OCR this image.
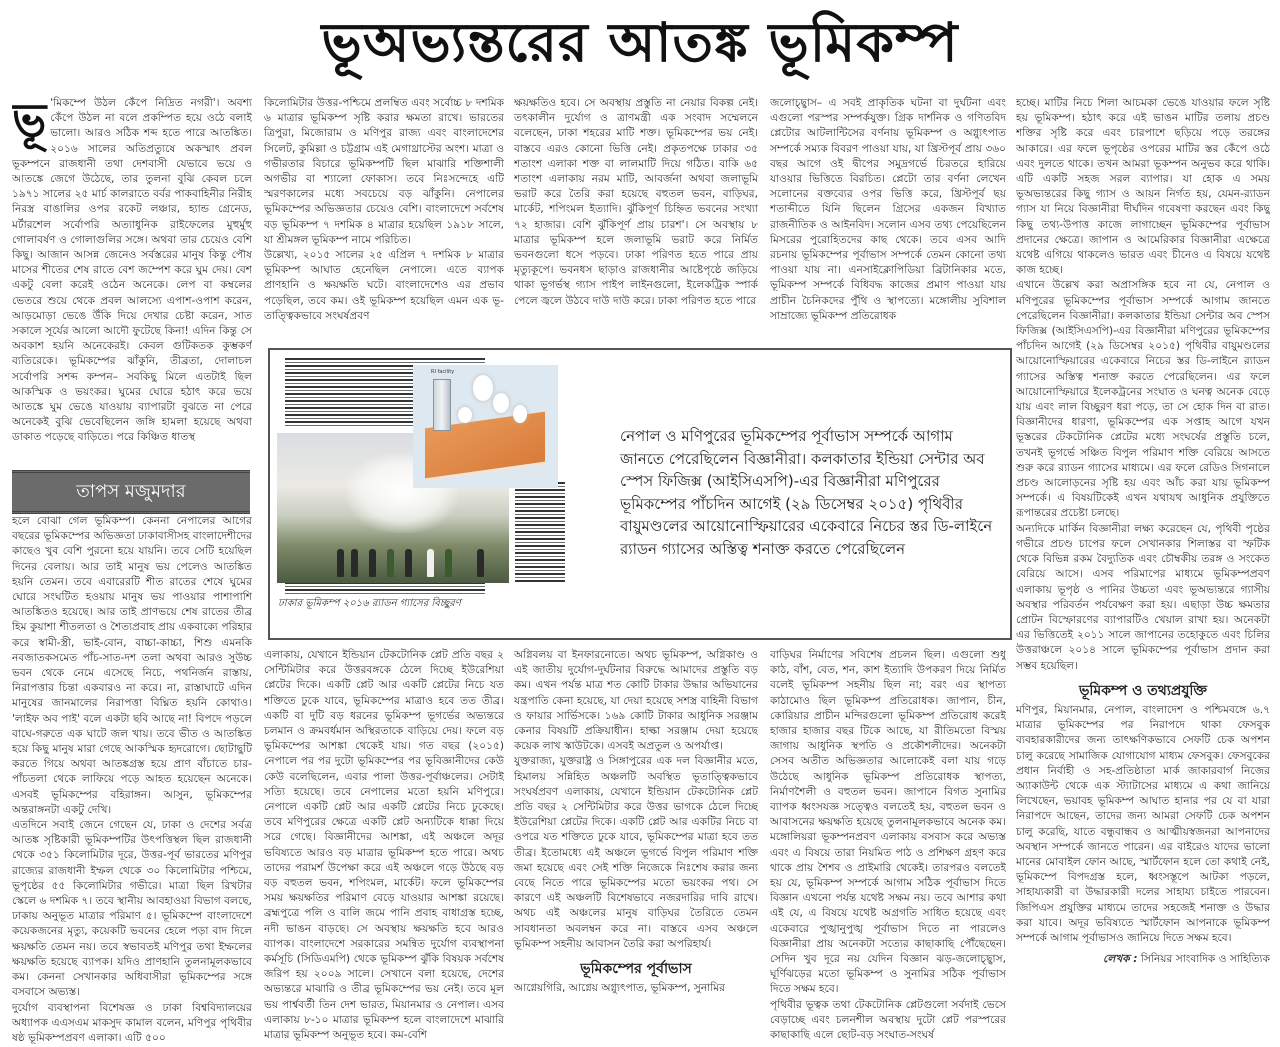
ভূঅভ্যন্তরের আতঙ্ক ভূমিকম্প

ভূ 'মিকম্পে উঠল কেঁপে নিদ্রিত নগরী'। অবশ্য কেঁপে উঠল না বলে প্রকম্পিত হয়ে ওঠে বলাই ভালো। আরও সঠিক শব্দ হতে পারে আতঙ্কিত। ২০১৬ সালের অতিপ্রত্যুষে অকস্মাৎ প্রবল ভূকম্পনে রাজধানী তথা দেশবাসী যেভাবে ভয়ে ও আতঙ্কে জেগে উঠেছে, তার তুলনা বুঝি কেবল চলে ১৯৭১ সালের ২৫ মার্চ কালরাতে বর্বর পাকবাহিনীর নিরীহ নিরস্ত্র বাঙালির ওপর রকেট লঞ্চার, হ্যান্ড গ্রেনেড, মর্টারশেল সর্বোপরি অত্যাধুনিক রাইফেলের মুহুর্মুহু গোলাবর্ষণ ও গোলাগুলির সঙ্গে। অথবা তার চেয়েও বেশি কিছু। আজান আসন্ন জেনেও সর্বস্তরের মানুষ কিন্তু পৌষ মাসের শীতের শেষ রাতে বেশ জম্পেশ করে ঘুম দেয়। বেশ একটু বেলা করেই ওঠেন অনেকে। লেপ বা কম্বলের ভেতরে শুয়ে থেকে প্রবল আলস্যে এপাশ-ওপাশ করেন, আড়মোড়া ভেঙে উঁকি দিয়ে দেখার চেষ্টা করেন, সাত সকালে সূর্যের আলো আদৌ ফুটেছে কিনা! এদিন কিন্তু সে অবকাশ হয়নি অনেকেরই। কেবল গুটিকতক কুম্ভকর্ণ ব্যতিরেকে। ভূমিকম্পের ঝাঁকুনি, তীব্রতা, দোলাচল সর্বোপরি সশব্দ কম্পন– সবকিছু মিলে এতটাই ছিল আকস্মিক ও ভয়ংকর। ঘুমের ঘোরে হঠাৎ করে ভয়ে আতঙ্কে ঘুম ভেঙে যাওয়ায় ব্যাপারটা বুঝতে না পেরে অনেকেই বুঝি ভেবেছিলেন জঙ্গি হামলা হয়েছে অথবা ডাকাত পড়েছে বাড়িতে। পরে কিঞ্চিত ধাতস্থ

তাপস মজুমদার

হলে বোঝা গেল ভূমিকম্প। কেননা নেপালের আগের বছরের ভূমিকম্পের অভিজ্ঞতা ঢাকাবাসীসহ বাংলাদেশীদের কাছেও খুব বেশি পুরনো হয়ে যায়নি। তবে সেটি হয়েছিল দিনের বেলায়। আর তাই মানুষ ভয় পেলেও আতঙ্কিত হয়নি তেমন। তবে এবারেরটি শীত রাতের শেষে ঘুমের ঘোরে সংঘটিত হওয়ায় মানুষ ভয় পাওয়ার পাশাপাশি আতঙ্কিতও হয়েছে। আর তাই প্রাণভয়ে শেষ রাতের তীব্র হিম কুয়াশা শীতলতা ও শৈত্যপ্রবাহ প্রায় একবাক্যে পরিহার করে স্বামী-স্ত্রী, ভাই-বোন, বাচ্চা-কাচ্চা, শিশু এমনকি নবজাতকসমেত পাঁচ-সাত-দশ তলা অথবা আরও সুউচ্চ ভবন থেকে নেমে এসেছে নিচে, পথনির্জন রাস্তায়, নিরাপত্তার চিন্তা একবারও না করে। না, রাস্তাঘাটে এদিন মানুষের জানমালের নিরাপত্তা বিঘ্নিত হয়নি কোথাও। 'লাইফ অব পাই' বলে একটা ছবি আছে না! বিপদে পড়লে বাঘে-গরুতে এক ঘাটে জল খায়। তবে ভীত ও আতঙ্কিত হয়ে কিছু মানুষ মারা গেছে আকস্মিক হৃদরোগে। ছোটাছুটি করতে গিয়ে অথবা আতঙ্কগ্রস্ত হয়ে প্রাণ বাঁচাতে চার-পাঁচতলা থেকে লাফিয়ে পড়ে আহত হয়েছেন অনেকে। এসবই ভূমিকম্পের বহিরাঙ্গন। আসুন, ভূমিকম্পের অন্তরাঙ্গনটা একটু দেখি।

এতদিনে সবাই জেনে গেছেন যে, ঢাকা ও দেশের সর্বত্র আতঙ্ক সৃষ্টিকারী ভূমিকম্পটির উৎপত্তিস্থল ছিল রাজধানী থেকে ৩৫১ কিলোমিটার দূরে, উত্তর-পূর্ব ভারতের মণিপুর রাজ্যের রাজধানী ইম্ফল থেকে ৩০ কিলোমিটার পশ্চিমে, ভূপৃষ্ঠের ৫৫ কিলোমিটার গভীরে। মাত্রা ছিল রিখটার স্কেলে ৬ দশমিক ৭। তবে স্থানীয় আবহাওয়া বিভাগ বলছে, ঢাকায় অনুভূত মাত্রার পরিমাণ ৫। ভূমিকম্পে বাংলাদেশে কয়েকজনের মৃত্যু, কয়েকটি ভবনের হেলে পড়া বাদ দিলে ক্ষয়ক্ষতি তেমন নয়। তবে স্বভাবতই মণিপুর তথা ইম্ফলের ক্ষয়ক্ষতি হয়েছে ব্যাপক। যদিও প্রাণহানি তুলনামূলকভাবে কম। কেননা সেখানকার অধিবাসীরা ভূমিকম্পের সঙ্গে বসবাসে অভ্যস্ত।

দুর্যোগ ব্যবস্থাপনা বিশেষজ্ঞ ও ঢাকা বিশ্ববিদ্যালয়ের অধ্যাপক এএসএম মাকসুদ কামাল বলেন, মণিপুর পৃথিবীর ষষ্ঠ ভূমিকম্পপ্রবণ এলাকা। এটি ৫০০

কিলোমিটার উত্তর-পশ্চিমে প্রলম্বিত এবং সর্বোচ্চ ৮ দশমিক ৬ মাত্রার ভূমিকম্প সৃষ্টি করার ক্ষমতা রাখে। ভারতের ত্রিপুরা, মিজোরাম ও মণিপুর রাজ্য এবং বাংলাদেশের সিলেট, কুমিল্লা ও চট্টগ্রাম এই মেগাথ্রাস্টের অংশ। মাত্রা ও গভীরতার বিচারে ভূমিকম্পটি ছিল মাঝারি শক্তিশালী অগভীর বা শ্যালো ফোকাস। তবে নিঃসন্দেহে এটি স্মরণকালের মধ্যে সবচেয়ে বড় ঝাঁকুনি। নেপালের ভূমিকম্পের অভিজ্ঞতার চেয়েও বেশি। বাংলাদেশে সর্বশেষ বড় ভূমিকম্প ৭ দশমিক ৪ মাত্রার হয়েছিল ১৯১৮ সালে, যা শ্রীমঙ্গল ভূমিকম্প নামে পরিচিত।

উল্লেখ্য, ২০১৫ সালের ২৫ এপ্রিল ৭ দশমিক ৮ মাত্রার ভূমিকম্প আঘাত হেনেছিল নেপালে। এতে ব্যাপক প্রাণহানি ও ক্ষয়ক্ষতি ঘটে। বাংলাদেশেও এর প্রভাব পড়েছিল, তবে কম। ওই ভূমিকম্প হয়েছিল এমন এক ভূ-তাত্ত্বিকভাবে সংঘর্ষপ্রবণ

ক্ষয়ক্ষতিও হবে। সে অবস্থায় প্রস্তুতি না নেয়ার বিকল্প নেই। তৎকালীন দুর্যোগ ও ত্রাণমন্ত্রী এক সংবাদ সম্মেলনে বলেছেন, ঢাকা শহরের মাটি শক্ত। ভূমিকম্পের ভয় নেই। বাস্তবে এরও কোনো ভিত্তি নেই। প্রকৃতপক্ষে ঢাকার ৩৫ শতাংশ এলাকা শক্ত বা লালমাটি দিয়ে গঠিত। বাকি ৬৫ শতাংশ এলাকায় নরম মাটি, আবর্জনা অথবা জলাভূমি ভরাট করে তৈরি করা হয়েছে বহুতল ভবন, বাড়িঘর, মার্কেট, শপিংমল ইত্যাদি। ঝুঁকিপূর্ণ চিহ্নিত ভবনের সংখ্যা ৭২ হাজার। বেশি ঝুঁকিপূর্ণ প্রায় চারশ'। সে অবস্থায় ৮ মাত্রার ভূমিকম্প হলে জলাভূমি ভরাট করে নির্মিত ভবনগুলো ধসে পড়বে। ঢাকা পরিণত হতে পারে প্রায় মৃত্যুকূপে। ভবনধস ছাড়াও রাজধানীর আষ্টেপৃষ্ঠে জড়িয়ে থাকা ভূগর্ভস্থ গ্যাস পাইপ লাইনগুলো, ইলেকট্রিক স্পার্ক পেলে জ্বলে উঠবে দাউ দাউ করে। ঢাকা পরিণত হতে পারে

জলোচ্ছ্বাস– এ সবই প্রাকৃতিক ঘটনা বা দুর্ঘটনা এবং এগুলো পরস্পর সম্পর্কযুক্ত। গ্রিক দার্শনিক ও গণিতবিদ প্লেটোর আটলান্টিসের বর্ণনায় ভূমিকম্প ও অগ্ন্যুৎপাত সম্পর্কে সম্যক বিবরণ পাওয়া যায়, যা খ্রিস্টপূর্ব প্রায় ৩৬০ বছর আগে ওই দ্বীপের সমুদ্রগর্ভে চিরতরে হারিয়ে যাওয়ার ভিত্তিতে বিরচিত। প্লেটো তার বর্ণনা লেখেন সলোনের বক্তব্যের ওপর ভিত্তি করে, খ্রিস্টপূর্ব ছয় শতাব্দীতে যিনি ছিলেন গ্রিসের একজন বিখ্যাত রাজনীতিক ও আইনবিদ। সলোন এসব তথ্য পেয়েছিলেন মিসরের পুরোহিতদের কাছ থেকে। তবে এসব আদি রচনায় ভূমিকম্পের পূর্বাভাস সম্পর্কে তেমন কোনো তথ্য পাওয়া যায় না। এনসাইক্লোপিডিয়া ব্রিটানিকার মতে, ভূমিকম্প সম্পর্কে বিধিবদ্ধ কাজের প্রমাণ পাওয়া যায় প্রাচীন চৈনিকদের পুঁথি ও স্থাপত্যে। মঙ্গোলীয় সুবিশাল সাম্রাজ্যে ভূমিকম্প প্রতিরোধক

হচ্ছে। মাটির নিচে শিলা আচমকা ভেঙে যাওয়ার ফলে সৃষ্টি হয় ভূমিকম্প। হঠাৎ করে এই ভাঙন মাটির তলায় প্রচণ্ড শক্তির সৃষ্টি করে এবং চারপাশে ছড়িয়ে পড়ে তরঙ্গের আকারে। এর ফলে ভূপৃষ্ঠের ওপরের মাটির স্তর কেঁপে ওঠে এবং দুলতে থাকে। তখন আমরা ভূকম্পন অনুভব করে থাকি। এটি একটি সহজ সরল ব্যাপার। যা হোক এ সময় ভূঅভ্যন্তরের কিছু গ্যাস ও আয়ন নির্গত হয়, যেমন-র‌্যাডন গ্যাস যা নিয়ে বিজ্ঞানীরা দীর্ঘদিন গবেষণা করছেন এবং কিছু কিছু তথ্য-উপাত্ত কাজে লাগাচ্ছেন ভূমিকম্পের পূর্বাভাস প্রদানের ক্ষেত্রে। জাপান ও আমেরিকার বিজ্ঞানীরা এক্ষেত্রে যথেষ্ট এগিয়ে থাকলেও ভারত এবং চীনেও এ বিষয়ে যথেষ্ট কাজ হচ্ছে।

এখানে উল্লেখ করা অপ্রাসঙ্গিক হবে না যে, নেপাল ও মণিপুরের ভূমিকম্পের পূর্বাভাস সম্পর্কে আগাম জানতে পেরেছিলেন বিজ্ঞানীরা। কলকাতার ইন্ডিয়া সেন্টার অব স্পেস ফিজিক্স (আইসিএসপি)-এর বিজ্ঞানীরা মণিপুরের ভূমিকম্পের পাঁচদিন আগেই (২৯ ডিসেম্বর ২০১৫) পৃথিবীর বায়ুমণ্ডলের আয়োনোস্ফিয়ারের একেবারে নিচের স্তর ডি-লাইনে র‌্যাডন গ্যাসের অস্তিত্ব শনাক্ত করতে পেরেছিলেন। এর ফলে আয়োনোস্ফিয়ারে ইলেকট্রনের সংঘাত ও ঘনত্ব অনেক বেড়ে যায় এবং লাল বিচ্ছুরণ ধরা পড়ে, তা সে হোক দিন বা রাত। বিজ্ঞানীদের ধারণা, ভূমিকম্পের এক সপ্তাহ আগে যখন ভূস্তরের টেকটোনিক প্লেটের মধ্যে সংঘর্ষের প্রস্তুতি চলে, তখনই ভূগর্ভে সঞ্চিত বিপুল পরিমাণ শক্তি বেরিয়ে আসতে শুরু করে র‌্যাডন গ্যাসের মাধ্যমে। এর ফলে রেডিও সিগনালে প্রচণ্ড আলোড়নের সৃষ্টি হয় এবং আঁচ করা যায় ভূমিকম্প সম্পর্কে। এ বিষয়টিকেই এখন যথাযথ আধুনিক প্রযুক্তিতে রূপান্তরের প্রচেষ্টা চলছে।

অন্যদিকে মার্কিন বিজ্ঞানীরা লক্ষ্য করেছেন যে, পৃথিবী পৃষ্ঠের গভীরে প্রচণ্ড চাপের ফলে সেখানকার শিলাস্তর বা স্ফটিক থেকে বিভিন্ন রকম বৈদ্যুতিক এবং চৌম্বকীয় তরঙ্গ ও সংকেত বেরিয়ে আসে। এসব পরিমাপের মাধ্যমে ভূমিকম্পপ্রবণ এলাকায় ভূপৃষ্ঠ ও পানির উচ্চতা এবং ভূঅভ্যন্তরে গ্যাসীয় অবস্থার পরিবর্তন পর্যবেক্ষণ করা হয়। এছাড়া উচ্চ ক্ষমতার প্রোটন বিস্ফোরণের ব্যাপারটিও খেয়াল রাখা হয়। অনেকটা এর ভিত্তিতেই ২০১১ সালে জাপানের তহোকুতে এবং চিলির উত্তরাঞ্চলে ২০১৪ সালে ভূমিকম্পের পূর্বাভাস প্রদান করা সম্ভব হয়েছিল।

ভূমিকম্প ও তথ্যপ্রযুক্তি

মণিপুর, মিয়ানমার, নেপাল, বাংলাদেশ ও পশ্চিমবঙ্গে ৬.৭ মাত্রার ভূমিকম্পের পর নিরাপদে থাকা ফেসবুক ব্যবহারকারীদের জন্য তাৎক্ষণিকভাবে সেফটি চেক অপশন চালু করেছে সামাজিক যোগাযোগ মাধ্যম ফেসবুক। ফেসবুকের প্রধান নির্বাহী ও সহ-প্রতিষ্ঠাতা মার্ক জাকারবার্গ নিজের অ্যাকাউন্ট থেকে এক স্ট্যাটাসের মাধ্যমে এ কথা জানিয়ে লিখেছেন, ভয়াবহ ভূমিকম্প আঘাত হানার পর যে বা যারা নিরাপদে আছেন, তাদের জন্য আমরা সেফটি চেক অপশন চালু করেছি, যাতে বন্ধুবান্ধব ও আত্মীয়স্বজনরা আপনাদের অবস্থান সম্পর্কে জানতে পারেন। এর বাইরেও যাদের ভালো মানের মোবাইল ফোন আছে, স্মার্টফোন হলে তো কথাই নেই, ভূমিকম্পে বিপদগ্রস্ত হলে, ধ্বংসস্তূপে আটকা পড়লে, সাহায্যকারী বা উদ্ধারকারী দলের সাহায্য চাইতে পারবেন। জিপিএস প্রযুক্তির মাধ্যমে তাদের সহজেই শনাক্ত ও উদ্ধার করা যাবে। অদূর ভবিষ্যতে স্মার্টফোন আপনাকে ভূমিকম্প সম্পর্কে আগাম পূর্বাভাসও জানিয়ে দিতে সক্ষম হবে।

লেখক : সিনিয়র সাংবাদিক ও সাহিত্যিক
RI facility
ঢাকার ভূমিকম্প ২০১৬ র‌্যাডন গ্যাসের বিচ্ছুরণ
নেপাল ও মণিপুরের ভূমিকম্পের পূর্বাভাস সম্পর্কে আগাম জানতে পেরেছিলেন বিজ্ঞানীরা। কলকাতার ইন্ডিয়া সেন্টার অব স্পেস ফিজিক্স (আইসিএসপি)-এর বিজ্ঞানীরা মণিপুরের ভূমিকম্পের পাঁচদিন আগেই (২৯ ডিসেম্বর ২০১৫) পৃথিবীর বায়ুমণ্ডলের আয়োনোস্ফিয়ারের একেবারে নিচের স্তর ডি-লাইনে র‌্যাডন গ্যাসের অস্তিত্ব শনাক্ত করতে পেরেছিলেন

এলাকায়, যেখানে ইন্ডিয়ান টেকটোনিক প্লেট প্রতি বছর ২ সেন্টিমিটার করে উত্তরবঙ্গকে ঠেলে দিচ্ছে ইউরেশিয়া প্লেটের দিকে। একটি প্লেট আর একটি প্লেটের নিচে যত শক্তিতে ঢুকে যাবে, ভূমিকম্পের মাত্রাও হবে তত তীব্র। একটি বা দুটি বড় ধরনের ভূমিকম্প ভূগর্ভের অভ্যন্তরে চলমান ও ক্রমবর্ধমান অস্থিরতাকে বাড়িয়ে দেয়। ফলে বড় ভূমিকম্পের আশঙ্কা থেকেই যায়। গত বছর (২০১৫) নেপালে পর পর দুটো ভূমিকম্পের পর ভূবিজ্ঞানীদের কেউ কেউ বলেছিলেন, এবার পালা উত্তর-পূর্বাঞ্চলের। সেটাই সত্যি হয়েছে। তবে নেপালের মতো হয়নি মণিপুরে। নেপালে একটি প্লেট আর একটি প্লেটের নিচে ঢুকেছে। তবে মণিপুরের ক্ষেত্রে একটি প্লেট অন্যটিকে ধাক্কা দিয়ে সরে গেছে। বিজ্ঞানীদের আশঙ্কা, এই অঞ্চলে অদূর ভবিষ্যতে আরও বড় মাত্রার ভূমিকম্প হতে পারে। অথচ তাদের পরামর্শ উপেক্ষা করে এই অঞ্চলে গড়ে উঠছে বড় বড় বহুতল ভবন, শপিংমল, মার্কেট। ফলে ভূমিকম্পের সময় ক্ষয়ক্ষতির পরিমাণ বেড়ে যাওয়ার আশঙ্কা রয়েছে। ব্রহ্মপুত্রে পলি ও বালি জমে পানি প্রবাহ বাধাগ্রস্ত হচ্ছে, নদী ভাঙন বাড়ছে। সে অবস্থায় ক্ষয়ক্ষতি হবে আরও ব্যাপক। বাংলাদেশে সরকারের সমন্বিত দুর্যোগ ব্যবস্থাপনা কর্মসূচি (সিডিএমপি) থেকে ভূমিকম্প ঝুঁকি বিষয়ক সর্বশেষ জরিপ হয় ২০০৯ সালে। সেখানে বলা হয়েছে, দেশের অভ্যন্তরে মাঝারি ও তীব্র ভূমিকম্পের ভয় নেই। তবে মূল ভয় পার্শ্ববর্তী তিন দেশ ভারত, মিয়ানমার ও নেপাল। এসব এলাকায় ৮-১০ মাত্রার ভূমিকম্প হলে বাংলাদেশে মাঝারি মাত্রার ভূমিকম্প অনুভূত হবে। কম-বেশি

অগ্নিবলয় বা ইনফারনোতে। অথচ ভূমিকম্প, অগ্নিকাণ্ড ও এই জাতীয় দুর্যোগ-দুর্ঘটনার বিরুদ্ধে আমাদের প্রস্তুতি বড় কম। এখন পর্যন্ত মাত্র শত কোটি টাকার উদ্ধার অভিযানের যন্ত্রপাতি কেনা হয়েছে, যা দেয়া হয়েছে সশস্ত্র বাহিনী বিভাগ ও ফায়ার সার্ভিসকে। ১৬৯ কোটি টাকার আধুনিক সরঞ্জাম কেনার বিষয়টি প্রক্রিয়াধীন। হাল্কা সরঞ্জাম দেয়া হয়েছে কয়েক লাখ স্কাউটকে। এসবই অপ্রতুল ও অপর্যাপ্ত।

যুক্তরাজ্য, যুক্তরাষ্ট্র ও সিঙ্গাপুরের এক দল বিজ্ঞানীর মতে, হিমালয় সন্নিহিত অঞ্চলটি অবস্থিত ভূতাত্ত্বিকভাবে সংঘর্ষপ্রবণ এলাকায়, যেখানে ইন্ডিয়ান টেকটোনিক প্লেট প্রতি বছর ২ সেন্টিমিটার করে উত্তর ভাগকে ঠেলে দিচ্ছে ইউরেশিয়া প্লেটের দিকে। একটি প্লেট আর একটির নিচে বা ওপরে যত শক্তিতে ঢুকে যাবে, ভূমিকম্পের মাত্রা হবে তত তীব্র। ইতোমধ্যে এই অঞ্চলে ভূগর্ভে বিপুল পরিমাণ শক্তি জমা হয়েছে এবং সেই শক্তি নিজেকে নিঃশেষ করার জন্য বেছে নিতে পারে ভূমিকম্পের মতো ভয়ংকর পথ। সে কারণে এই অঞ্চলটি বিশেষভাবে নজরদারির দাবি রাখে। অথচ এই অঞ্চলের মানুষ বাড়িঘর তৈরিতে তেমন সাবধানতা অবলম্বন করে না। বাস্তবে এসব অঞ্চলে ভূমিকম্প সহনীয় আবাসন তৈরি করা অপরিহার্য।

ভূমিকম্পের পূর্বাভাস

আগ্নেয়গিরি, আগ্নেয় অগ্ন্যুৎপাত, ভূমিকম্প, সুনামির

বাড়িঘর নির্মাণের সবিশেষ প্রচলন ছিল। এগুলো শুধু কাঠ, বাঁশ, বেত, শন, কাশ ইত্যাদি উপকরণ দিয়ে নির্মিত বলেই ভূমিকম্প সহনীয় ছিল না; বরং এর স্থাপত্য কাঠামোও ছিল ভূমিকম্প প্রতিরোধক। জাপান, চীন, কোরিয়ার প্রাচীন মন্দিরগুলো ভূমিকম্প প্রতিরোধ করেই হাজার হাজার বছর টিকে আছে, যা রীতিমতো বিস্ময় জাগায় আধুনিক স্থপতি ও প্রকৌশলীদের। অনেকটা সেসব অতীত অভিজ্ঞতার আলোকেই বলা যায় গড়ে উঠেছে আধুনিক ভূমিকম্প প্রতিরোধক স্থাপত্য, নির্মাণশৈলী ও বহুতল ভবন। জাপানে বিগত সুনামির ব্যাপক ধ্বংসযজ্ঞ সত্ত্বেও বলতেই হয়, বহুতল ভবন ও আবাসনের ক্ষয়ক্ষতি হয়েছে তুলনামূলকভাবে অনেক কম। মঙ্গোলিয়রা ভূকম্পনপ্রবণ এলাকায় বসবাস করে অভ্যস্ত এবং এ বিষয়ে তারা নিয়মিত পাঠ ও প্রশিক্ষণ গ্রহণ করে থাকে প্রায় শৈশব ও প্রাইমারি থেকেই। তারপরও বলতেই হয় যে, ভূমিকম্প সম্পর্কে আগাম সঠিক পূর্বাভাস দিতে বিজ্ঞান এখনো পর্যন্ত যথেষ্ট সক্ষম নয়। তবে আশার কথা এই যে, এ বিষয়ে যথেষ্ট অগ্রগতি সাধিত হয়েছে এবং একেবারে পুঙ্খানুপুঙ্খ পূর্বাভাস দিতে না পারলেও বিজ্ঞানীরা প্রায় অনেকটা সত্যের কাছাকাছি পৌঁছেছেন। সেদিন খুব দূরে নয় যেদিন বিজ্ঞান ঝড়-জলোচ্ছ্বাস, ঘূর্ণিঝড়ের মতো ভূমিকম্প ও সুনামির সঠিক পূর্বাভাস দিতে সক্ষম হবে।

পৃথিবীর ভূত্বক তথা টেকটোনিক প্লেটগুলো সর্বদাই ভেসে বেড়াচ্ছে এবং চলনশীল অবস্থায় দুটো প্লেট পরস্পরের কাছাকাছি এলে ছোট-বড় সংঘাত-সংঘর্ষ
